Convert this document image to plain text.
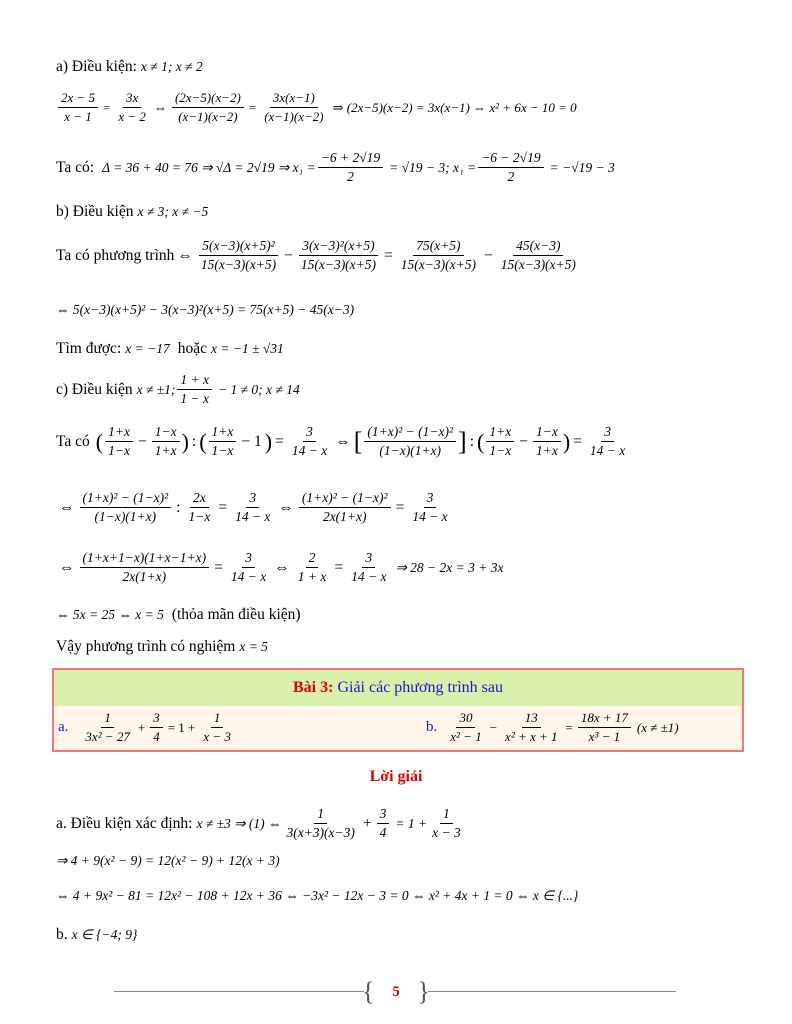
a) Điều kiện: x ≠ 1; x ≠ 2
$\frac{2x - 5}{x - 1} = \frac{3x}{x - 2}$ ⇔ $\frac{(2x-5)(x-2)}{(x-1)(x-2)} = \frac{3x(x-1)}{(x-1)(x-2)}$ ⇒ (2x−5)(x−2) = 3x(x−1) ⇔ x² + 6x − 10 = 0
Ta có: Δ = 36 + 40 = 76 ⇒ √Δ = 2√19 ⇒ $x_1 = \frac{-6 + 2√19}{2} = √19 - 3$; $x_1 = \frac{-6 - 2√19}{2} = -√19 - 3$
b) Điều kiện x ≠ 3; x ≠ −5
Ta có phương trình ⇔ $\frac{\text{5(x−3)(x+5)²}}{15(x-3)(x+5)} - \frac{\text{3(x−3)²(x+5)}}{15(x-3)(x+5)} = \frac{75(x+5)}{15(x-3)(x+5)} - \frac{45(x-3)}{15(x-3)(x+5)}$
⇔ 5(x−3)(x+5)² − 3(x−3)²(x+5) = 75(x+5) − 45(x−3)
Tìm được: x = −17 hoặc x = −1 ± √31
c) Điều kiện x ≠ ±1; $\frac{1 + x}{1 - x} - 1 \ne 0$; x ≠ 14
Ta có ( $\frac{1+x}{1-x} - \frac{1-x}{1+x}$ ) : ( $\frac{1+x}{1-x} - 1$ ) = $\frac{3}{14 - x}$ ⇔ [ $\frac{\text{(1+x)² − (1−x)²}}{(1-x)(1+x)}$ ] : ( $\frac{1+x}{1-x} - \frac{1-x}{1+x}$ ) = $\frac{3}{14 - x}$
⇔ $\frac{\text{(1+x)² − (1−x)²}}{(1-x)(1+x)}$ : $\frac{2x}{1-x} = \frac{3}{14 - x}$ ⇔ $\frac{\text{(1+x)² − (1−x)²}}{2x(1+x)} = \frac{3}{14 - x}$
⇔ $\frac{(1+x+1-x)(1+x-1+x)}{2x(1+x)} = \frac{3}{14 - x}$ ⇔ $\frac{2}{1 + x} = \frac{3}{14 - x}$ ⇒ 28 − 2x = 3 + 3x
⇔ 5x = 25 ⇔ x = 5 (thỏa mãn điều kiện)
Vậy phương trình có nghiệm x = 5
Bài 3: Giải các phương trình sau
a. $\frac{1}{\text{3x² − 27}} + \frac{3}{4} = 1 + \frac{1}{x - 3}$	b. $\frac{30}{\text{x² − 1}} - \frac{13}{\text{x² + x + 1}} = \frac{18x + 17}{\text{x³ − 1}} (x \ne \pm 1)$
Lời giải
a. Điều kiện xác định: x ≠ ±3 ⇒ (1) ⇔ $\frac{1}{3(x+3)(x-3)} + \frac{3}{4} = 1 + \frac{1}{x - 3}$
⇒ 4 + 9(x² − 9) = 12(x² − 9) + 12(x + 3)
⇔ 4 + 9x² − 81 = 12x² − 108 + 12x + 36 ⇔ −3x² − 12x − 3 = 0 ⇔ x² + 4x + 1 = 0 ⇔ x ∈ {...}
b. x ∈ {−4; 9}
{ 5 }
